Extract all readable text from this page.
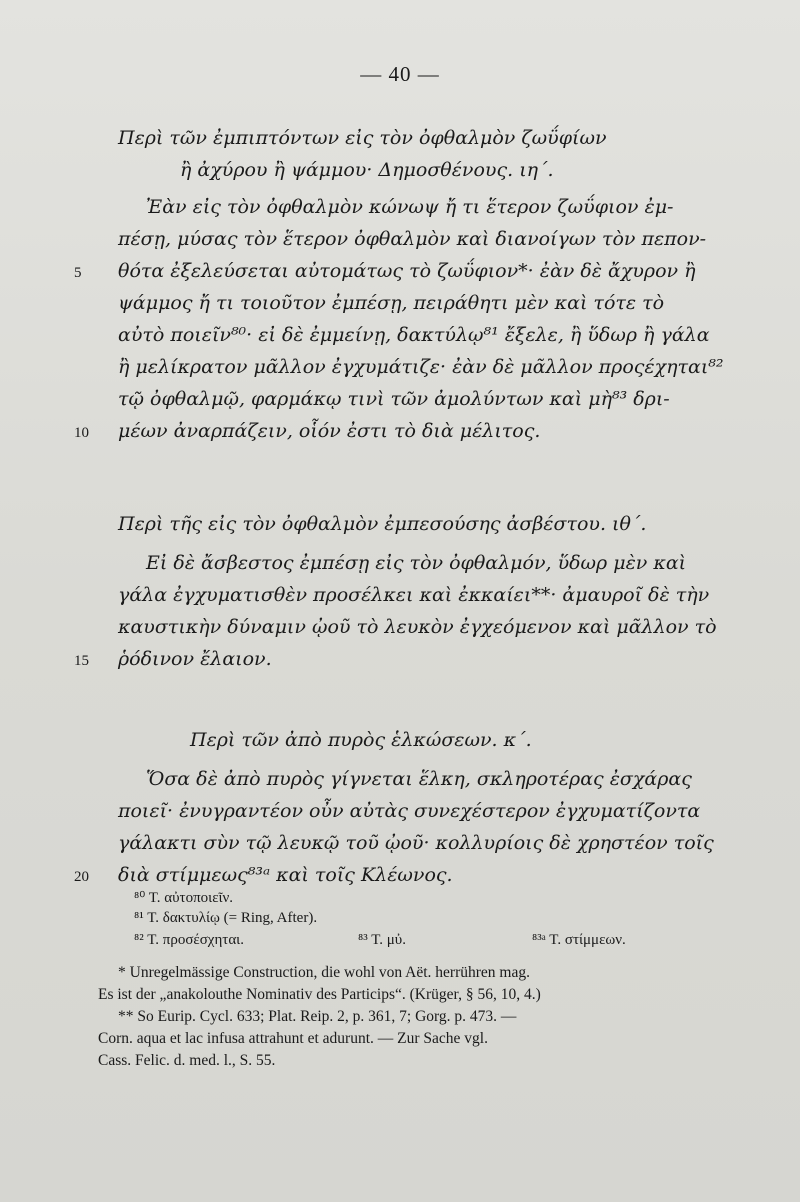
— 40 —
Περὶ τῶν ἐμπιπτόντων εἰς τὸν ὀφθαλμὸν ζωΰφίων
ἢ ἀχύρου ἢ ψάμμου· Δημοσθένους. ιη΄.
Ἐὰν εἰς τὸν ὀφθαλμὸν κώνωψ ἤ τι ἕτερον ζωΰφιον ἐμ-
πέσῃ, μύσας τὸν ἕτερον ὀφθαλμὸν καὶ διανοίγων τὸν πεπον-
θότα ἐξελεύσεται αὐτομάτως τὸ ζωΰφιον*· ἐὰν δὲ ἄχυρον ἢ
ψάμμος ἤ τι τοιοῦτον ἐμπέσῃ, πειράθητι μὲν καὶ τότε τὸ
αὐτὸ ποιεῖν⁸⁰· εἰ δὲ ἐμμείνῃ, δακτύλῳ⁸¹ ἔξελε, ἢ ὕδωρ ἢ γάλα
ἢ μελίκρατον μᾶλλον ἐγχυμάτιζε· ἐὰν δὲ μᾶλλον προςέχηται⁸²
τῷ ὀφθαλμῷ, φαρμάκῳ τινὶ τῶν ἀμολύντων καὶ μὴ⁸³ δρι-
μέων ἀναρπάζειν, οἷόν ἐστι τὸ διὰ μέλιτος.
Περὶ τῆς εἰς τὸν ὀφθαλμὸν ἐμπεσούσης ἀσβέστου. ιθ΄.
Εἰ δὲ ἄσβεστος ἐμπέσῃ εἰς τὸν ὀφθαλμόν, ὕδωρ μὲν καὶ
γάλα ἐγχυματισθὲν προσέλκει καὶ ἐκκαίει**· ἀμαυροῖ δὲ τὴν
καυστικὴν δύναμιν ᾠοῦ τὸ λευκὸν ἐγχεόμενον καὶ μᾶλλον τὸ
ῥόδινον ἔλαιον.
Περὶ τῶν ἀπὸ πυρὸς ἑλκώσεων. κ΄.
Ὅσα δὲ ἀπὸ πυρὸς γίγνεται ἕλκη, σκληροτέρας ἐσχάρας
ποιεῖ· ἐνυγραντέον οὖν αὐτὰς συνεχέστερον ἐγχυματίζοντα
γάλακτι σὺν τῷ λευκῷ τοῦ ᾠοῦ· κολλυρίοις δὲ χρηστέον τοῖς
διὰ στίμμεως⁸³ᵃ καὶ τοῖς Κλέωνος.
5
10
15
20
⁸⁰ T. αὐτοποιεῖν.
⁸¹ T. δακτυλίῳ (= Ring, After).
⁸² T. προσέσχηται.	⁸³ T. μὐ.	⁸³ᵃ T. στίμμεων.
* Unregelmässige Construction, die wohl von Aët. herrühren mag.
Es ist der „anakolouthe Nominativ des Particips“. (Krüger, § 56, 10, 4.)
** So Eurip. Cycl. 633; Plat. Reip. 2, p. 361, 7; Gorg. p. 473. —
Corn. aqua et lac infusa attrahunt et adurunt. — Zur Sache vgl.
Cass. Felic. d. med. l., S. 55.
